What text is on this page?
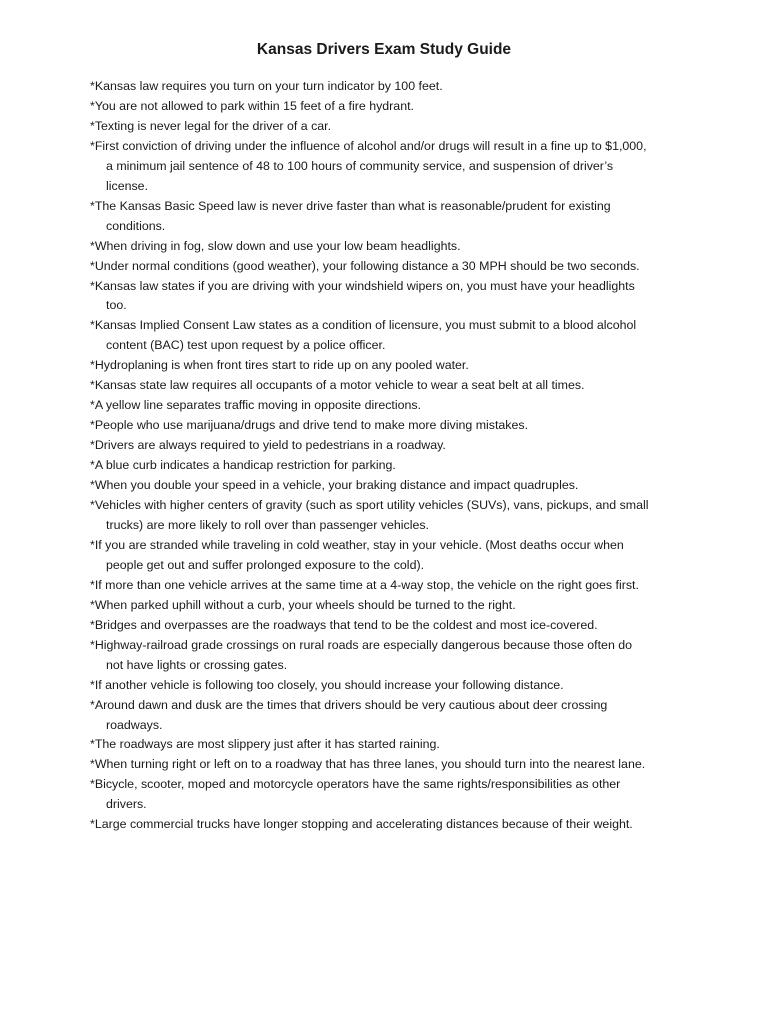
Kansas Drivers Exam Study Guide
*Kansas law requires you turn on your turn indicator by 100 feet.
*You are not allowed to park within 15 feet of a fire hydrant.
*Texting is never legal for the driver of a car.
*First conviction of driving under the influence of alcohol and/or drugs will result in a fine up to $1,000, a minimum jail sentence of 48 to 100 hours of community service, and suspension of driver’s license.
*The Kansas Basic Speed law is never drive faster than what is reasonable/prudent for existing conditions.
*When driving in fog, slow down and use your low beam headlights.
*Under normal conditions (good weather), your following distance a 30 MPH should be two seconds.
*Kansas law states if you are driving with your windshield wipers on, you must have your headlights too.
*Kansas Implied Consent Law states as a condition of licensure, you must submit to a blood alcohol content (BAC) test upon request by a police officer.
*Hydroplaning is when front tires start to ride up on any pooled water.
*Kansas state law requires all occupants of a motor vehicle to wear a seat belt at all times.
*A yellow line separates traffic moving in opposite directions.
*People who use marijuana/drugs and drive tend to make more diving mistakes.
*Drivers are always required to yield to pedestrians in a roadway.
*A blue curb indicates a handicap restriction for parking.
*When you double your speed in a vehicle, your braking distance and impact quadruples.
*Vehicles with higher centers of gravity (such as sport utility vehicles (SUVs), vans, pickups, and small trucks) are more likely to roll over than passenger vehicles.
*If you are stranded while traveling in cold weather, stay in your vehicle. (Most deaths occur when people get out and suffer prolonged exposure to the cold).
*If more than one vehicle arrives at the same time at a 4-way stop, the vehicle on the right goes first.
*When parked uphill without a curb, your wheels should be turned to the right.
*Bridges and overpasses are the roadways that tend to be the coldest and most ice-covered.
*Highway-railroad grade crossings on rural roads are especially dangerous because those often do not have lights or crossing gates.
*If another vehicle is following too closely, you should increase your following distance.
*Around dawn and dusk are the times that drivers should be very cautious about deer crossing roadways.
*The roadways are most slippery just after it has started raining.
*When turning right or left on to a roadway that has three lanes, you should turn into the nearest lane.
*Bicycle, scooter, moped and motorcycle operators have the same rights/responsibilities as other drivers.
*Large commercial trucks have longer stopping and accelerating distances because of their weight.
